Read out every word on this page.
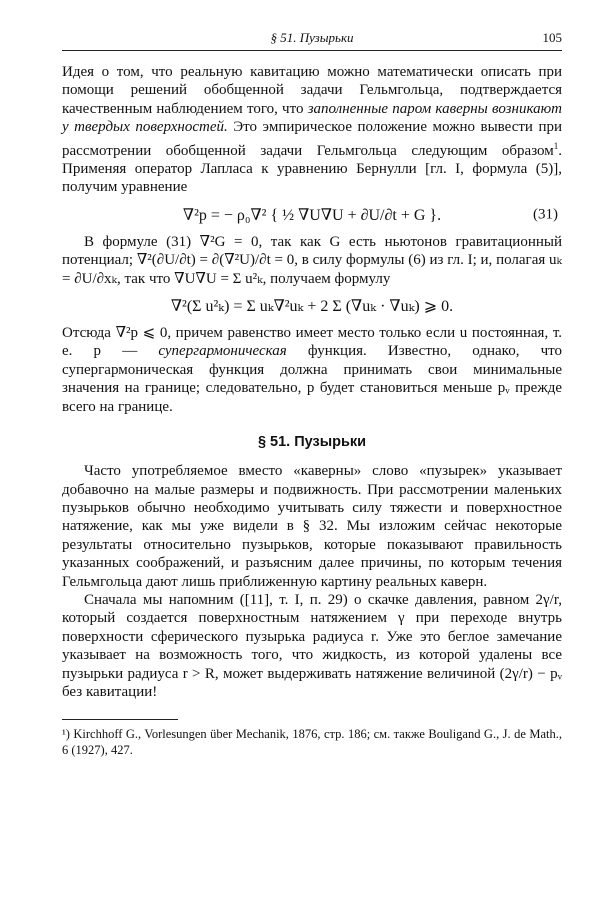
§ 51. Пузырьки	105

Идея о том, что реальную кавитацию можно математически описать при помощи решений обобщенной задачи Гельмгольца, подтверждается качественным наблюдением того, что заполненные паром каверны возникают у твердых поверхностей. Это эмпирическое положение можно вывести при рассмотрении обобщенной задачи Гельмгольца следующим образом$^1$. Применяя оператор Лапласа к уравнению Бернулли [гл. I, формула (5)], получим уравнение

∇²p = − ρ₀∇² { ½ ∇U∇U + ∂U/∂t + G }.	(31)

В формуле (31) ∇²G = 0, так как G есть ньютонов гравитационный потенциал; ∇²(∂U/∂t) = ∂(∇²U)/∂t = 0, в силу формулы (6) из гл. I; и, полагая uₖ = ∂U/∂xₖ, так что ∇U∇U = Σ u²ₖ, получаем формулу

∇²(Σ u²ₖ) = Σ uₖ∇²uₖ + 2 Σ (∇uₖ · ∇uₖ) ⩾ 0.

Отсюда ∇²p ⩽ 0, причем равенство имеет место только если u постоянная, т. е. p — супергармоническая функция. Известно, однако, что супергармоническая функция должна принимать свои минимальные значения на границе; следовательно, p будет становиться меньше pᵥ прежде всего на границе.

§ 51. Пузырьки

Часто употребляемое вместо «каверны» слово «пузырек» указывает добавочно на малые размеры и подвижность. При рассмотрении маленьких пузырьков обычно необходимо учитывать силу тяжести и поверхностное натяжение, как мы уже видели в § 32. Мы изложим сейчас некоторые результаты относительно пузырьков, которые показывают правильность указанных соображений, и разъясним далее причины, по которым течения Гельмгольца дают лишь приближенную картину реальных каверн.

Сначала мы напомним ([11], т. I, п. 29) о скачке давления, равном 2γ/r, который создается поверхностным натяжением γ при переходе внутрь поверхности сферического пузырька радиуса r. Уже это беглое замечание указывает на возможность того, что жидкость, из которой удалены все пузырьки радиуса r > R, может выдерживать натяжение величиной (2γ/r) − pᵥ без кавитации!

¹) Kirchhoff G., Vorlesungen über Mechanik, 1876, стр. 186; см. также Bouligand G., J. de Math., 6 (1927), 427.
